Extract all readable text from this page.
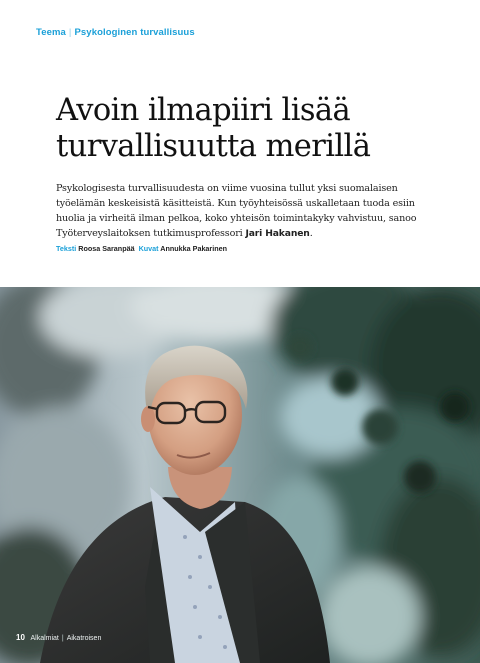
Teema | Psykologinen turvallisuus
Avoin ilmapiiri lisää
turvallisuutta merillä
Psykologisesta turvallisuudesta on viime vuosina tullut yksi suomalaisen
työelämän keskeisistä käsitteistä. Kun työyhteisössä uskalletaan tuoda esiin
huolia ja virheitä ilman pelkoa, koko yhteisön toimintakyky vahvistuu, sanoo
Työterveyslaitoksen tutkimusprofessori Jari Hakanen.
Teksti Roosa Saranpää Kuvat Annukka Pakarinen
10 Alkalmiat | Aikatroisen
